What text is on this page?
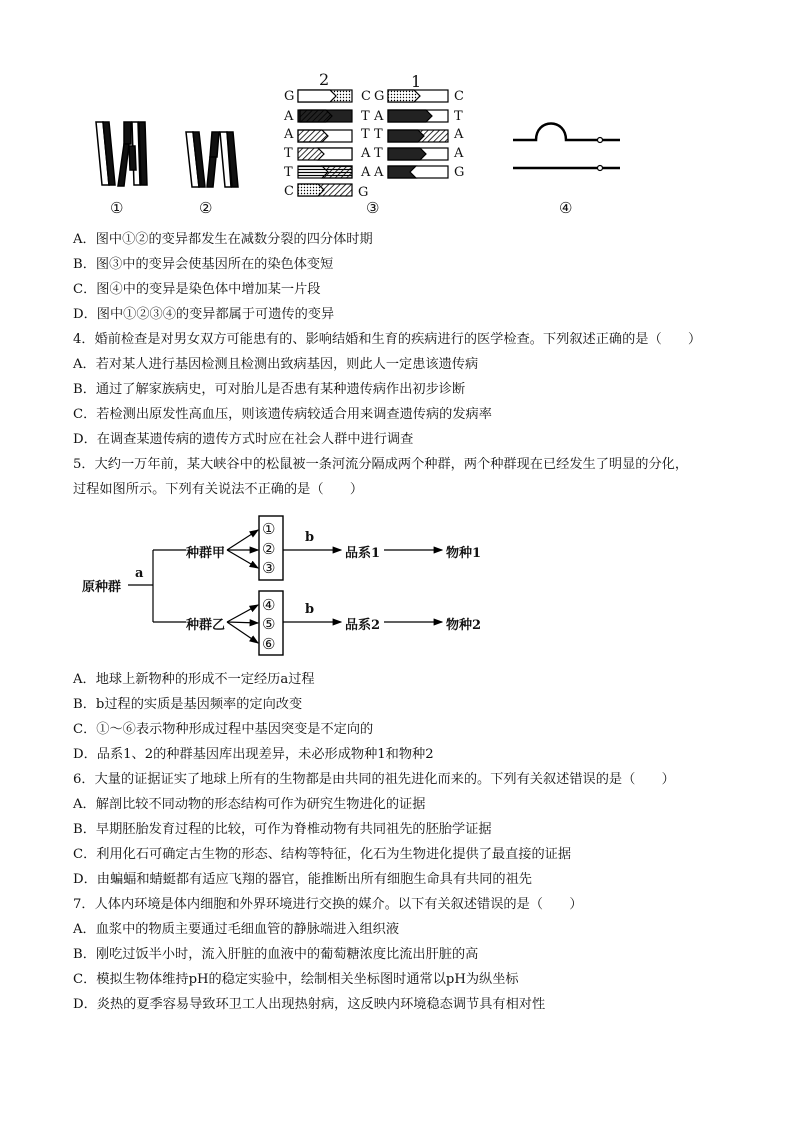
2	1
G
A
A
T
T
C
C
T
T
A
A
G
G
A
T
T
A
C
T
A
A
G
①	②	③	④
A．图中①②的变异都发生在减数分裂的四分体时期
B．图③中的变异会使基因所在的染色体变短
C．图④中的变异是染色体中增加某一片段
D．图中①②③④的变异都属于可遗传的变异
4．婚前检查是对男女双方可能患有的、影响结婚和生育的疾病进行的医学检查。下列叙述正确的是（　　）
A．若对某人进行基因检测且检测出致病基因，则此人一定患该遗传病
B．通过了解家族病史，可对胎儿是否患有某种遗传病作出初步诊断
C．若检测出原发性高血压，则该遗传病较适合用来调查遗传病的发病率
D．在调查某遗传病的遗传方式时应在社会人群中进行调查
5．大约一万年前，某大峡谷中的松鼠被一条河流分隔成两个种群，两个种群现在已经发生了明显的分化，
过程如图所示。下列有关说法不正确的是（　　）
原种群
a
种群甲
种群乙
①
②
③
④
⑤
⑥
b
b
品系1
品系2
物种1
物种2
A．地球上新物种的形成不一定经历a过程
B．b过程的实质是基因频率的定向改变
C．①～⑥表示物种形成过程中基因突变是不定向的
D．品系1、2的种群基因库出现差异，未必形成物种1和物种2
6．大量的证据证实了地球上所有的生物都是由共同的祖先进化而来的。下列有关叙述错误的是（　　）
A．解剖比较不同动物的形态结构可作为研究生物进化的证据
B．早期胚胎发育过程的比较，可作为脊椎动物有共同祖先的胚胎学证据
C．利用化石可确定古生物的形态、结构等特征，化石为生物进化提供了最直接的证据
D．由蝙蝠和蜻蜓都有适应飞翔的器官，能推断出所有细胞生命具有共同的祖先
7．人体内环境是体内细胞和外界环境进行交换的媒介。以下有关叙述错误的是（　　）
A．血浆中的物质主要通过毛细血管的静脉端进入组织液
B．刚吃过饭半小时，流入肝脏的血液中的葡萄糖浓度比流出肝脏的高
C．模拟生物体维持pH的稳定实验中，绘制相关坐标图时通常以pH为纵坐标
D．炎热的夏季容易导致环卫工人出现热射病，这反映内环境稳态调节具有相对性
